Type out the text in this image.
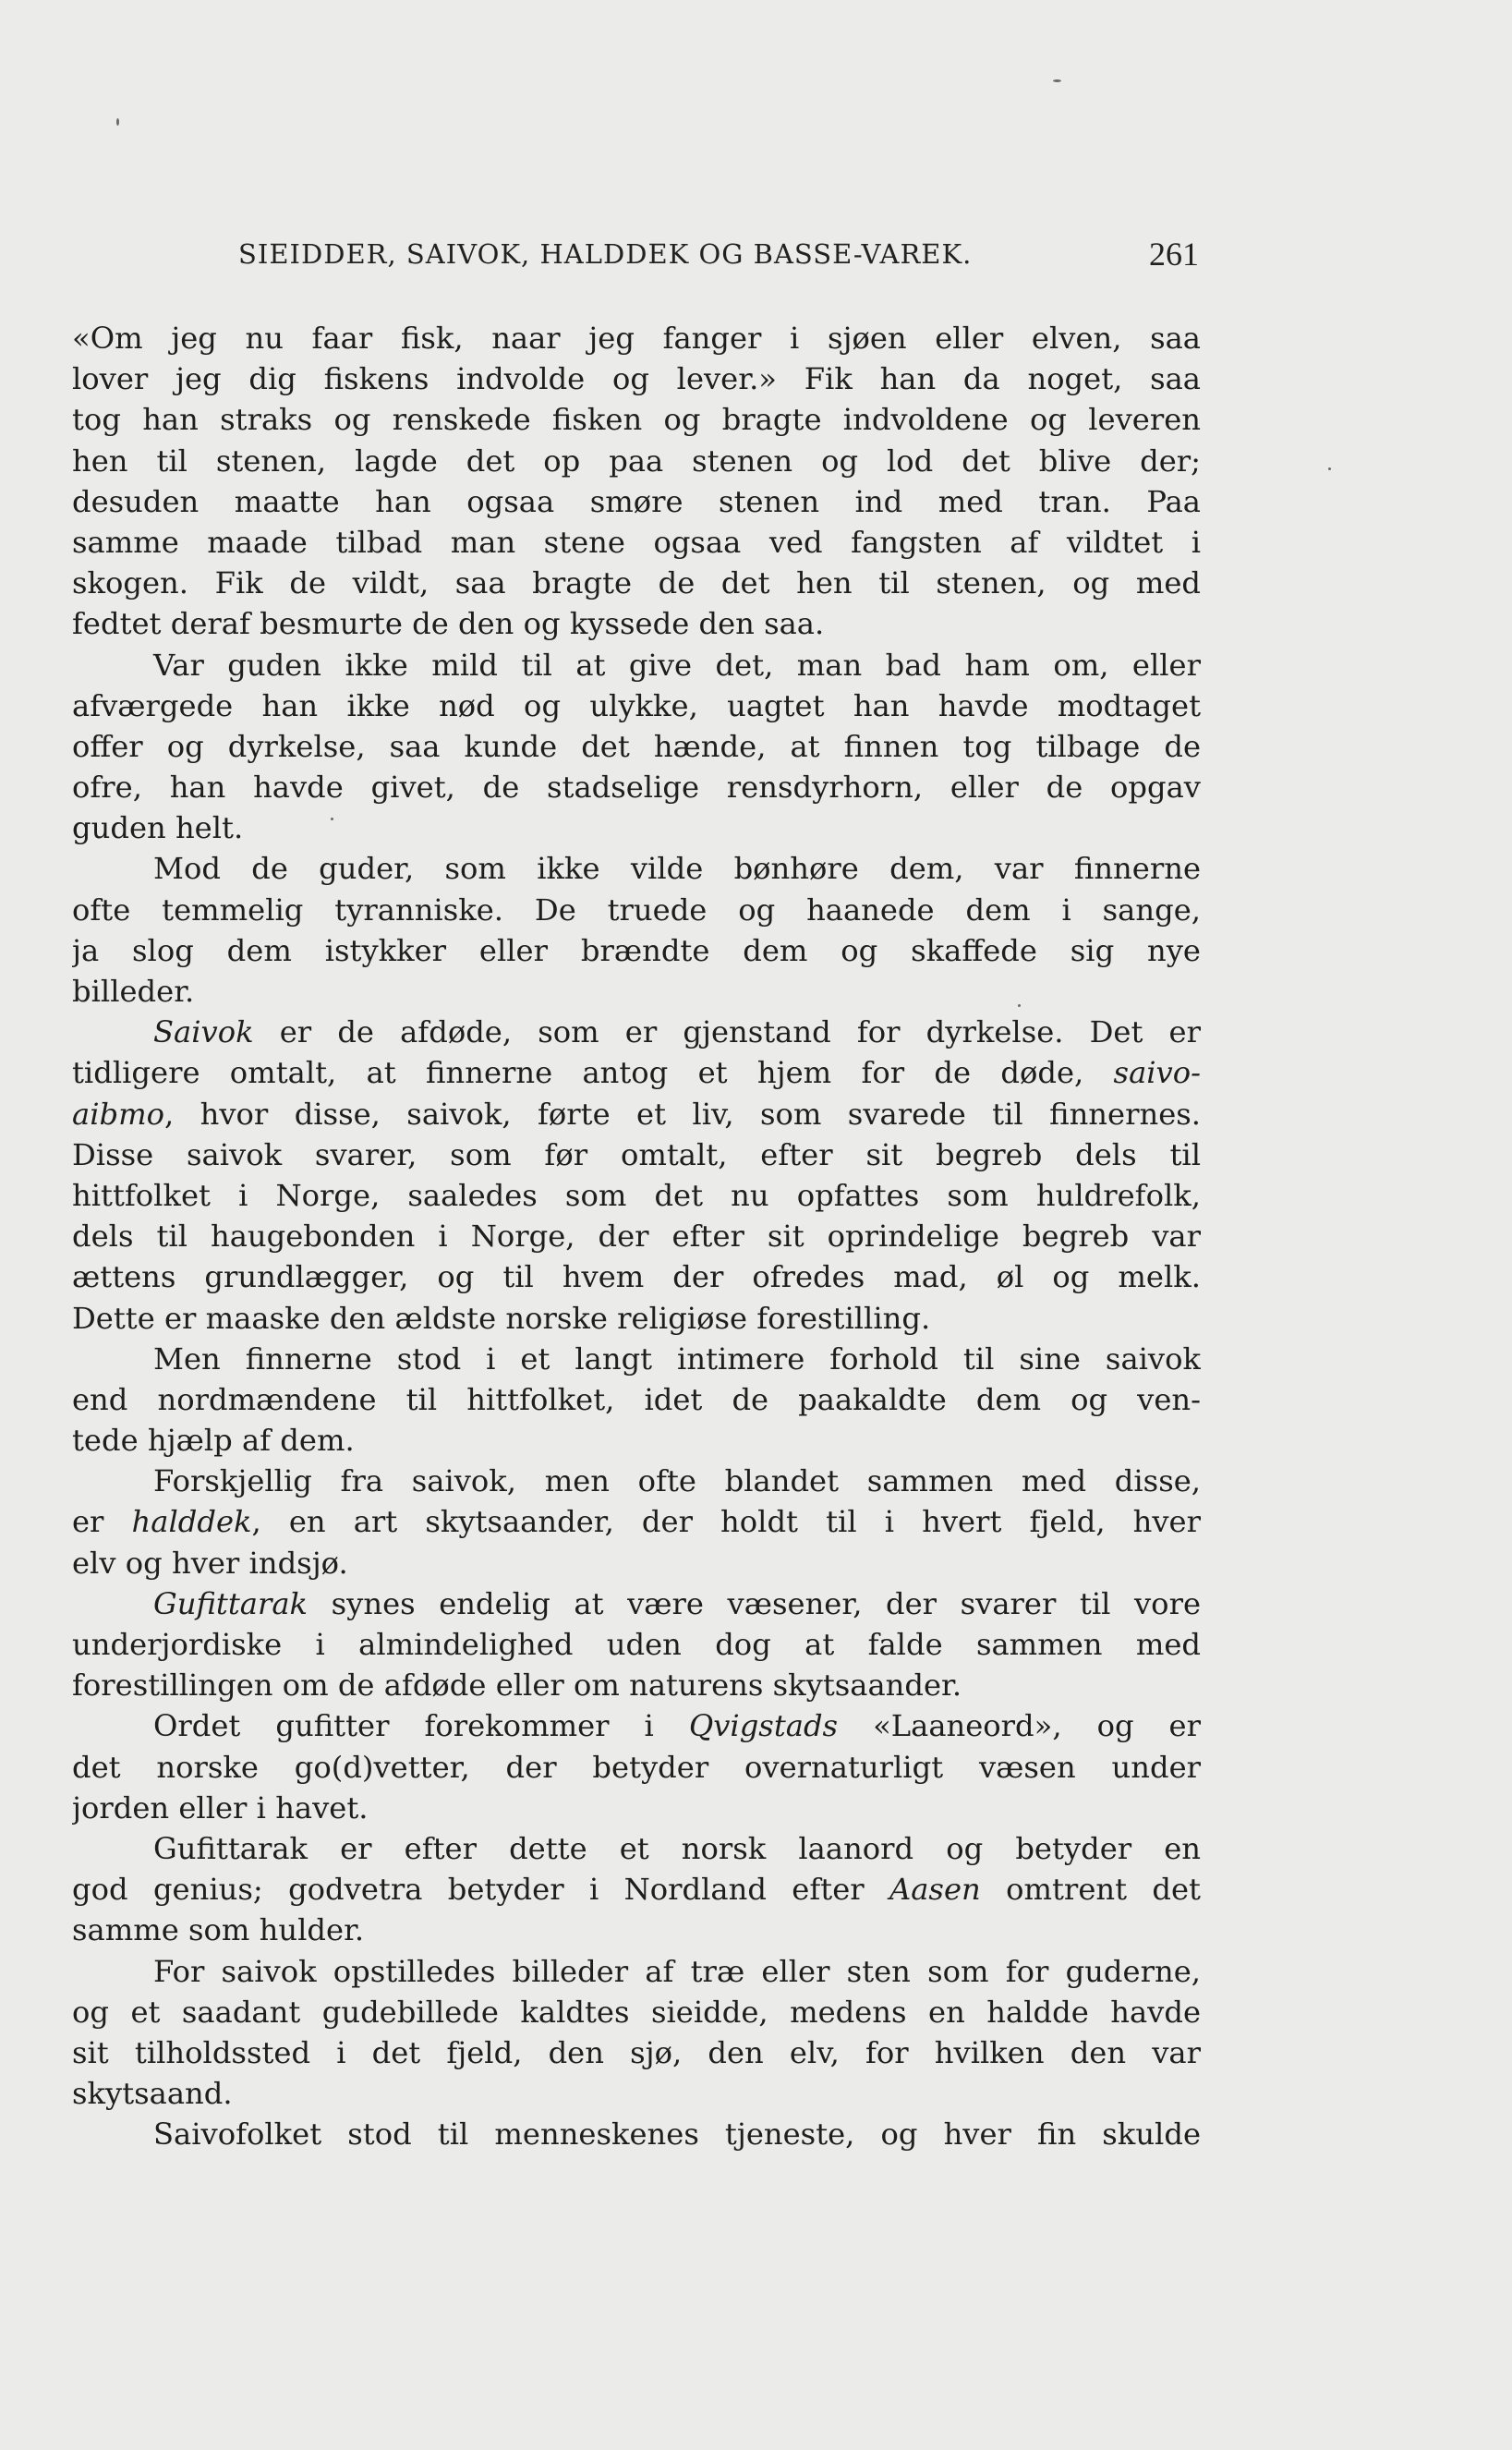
SIEIDDER, SAIVOK, HALDDEK OG BASSE-VAREK.	261
«Om jeg nu faar fisk, naar jeg fanger i sjøen eller elven, saa
lover jeg dig fiskens indvolde og lever.» Fik han da noget, saa
tog han straks og renskede fisken og bragte indvoldene og leveren
hen til stenen, lagde det op paa stenen og lod det blive der;
desuden maatte han ogsaa smøre stenen ind med tran. Paa
samme maade tilbad man stene ogsaa ved fangsten af vildtet i
skogen. Fik de vildt, saa bragte de det hen til stenen, og med
fedtet deraf besmurte de den og kyssede den saa.
Var guden ikke mild til at give det, man bad ham om, eller
afværgede han ikke nød og ulykke, uagtet han havde modtaget
offer og dyrkelse, saa kunde det hænde, at finnen tog tilbage de
ofre, han havde givet, de stadselige rensdyrhorn, eller de opgav
guden helt.
Mod de guder, som ikke vilde bønhøre dem, var finnerne
ofte temmelig tyranniske. De truede og haanede dem i sange,
ja slog dem istykker eller brændte dem og skaffede sig nye
billeder.
Saivok er de afdøde, som er gjenstand for dyrkelse. Det er
tidligere omtalt, at finnerne antog et hjem for de døde, saivo-
aibmo, hvor disse, saivok, førte et liv, som svarede til finnernes.
Disse saivok svarer, som før omtalt, efter sit begreb dels til
hittfolket i Norge, saaledes som det nu opfattes som huldrefolk,
dels til haugebonden i Norge, der efter sit oprindelige begreb var
ættens grundlægger, og til hvem der ofredes mad, øl og melk.
Dette er maaske den ældste norske religiøse forestilling.
Men finnerne stod i et langt intimere forhold til sine saivok
end nordmændene til hittfolket, idet de paakaldte dem og ven-
tede hjælp af dem.
Forskjellig fra saivok, men ofte blandet sammen med disse,
er halddek, en art skytsaander, der holdt til i hvert fjeld, hver
elv og hver indsjø.
Gufittarak synes endelig at være væsener, der svarer til vore
underjordiske i almindelighed uden dog at falde sammen med
forestillingen om de afdøde eller om naturens skytsaander.
Ordet gufitter forekommer i Qvigstads «Laaneord», og er
det norske go(d)vetter, der betyder overnaturligt væsen under
jorden eller i havet.
Gufittarak er efter dette et norsk laanord og betyder en
god genius; godvetra betyder i Nordland efter Aasen omtrent det
samme som hulder.
For saivok opstilledes billeder af træ eller sten som for guderne,
og et saadant gudebillede kaldtes sieidde, medens en haldde havde
sit tilholdssted i det fjeld, den sjø, den elv, for hvilken den var
skytsaand.
Saivofolket stod til menneskenes tjeneste, og hver fin skulde
